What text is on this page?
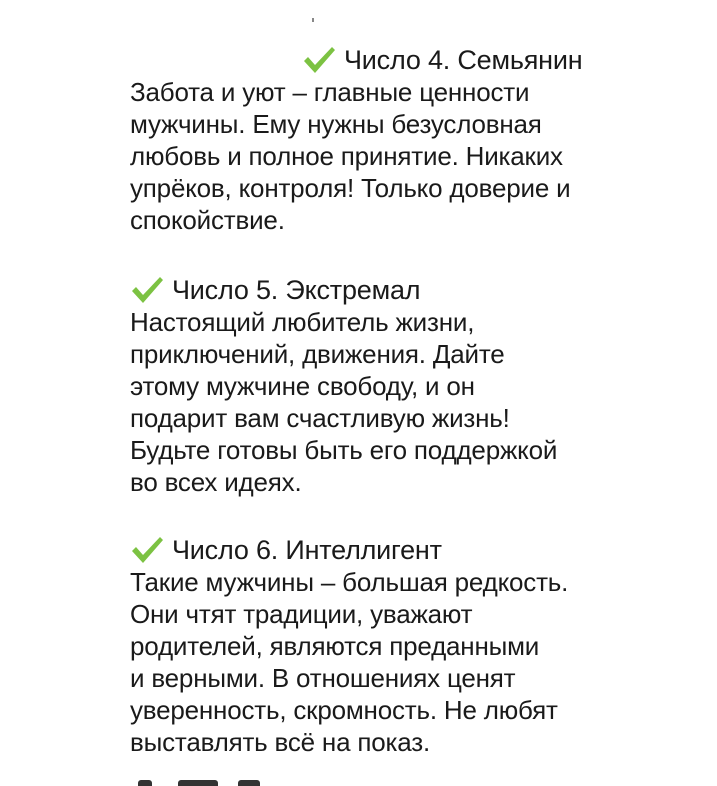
Число 4. Семьянин
Забота и уют – главные ценности
мужчины. Ему нужны безусловная
любовь и полное принятие. Никаких
упрёков, контроля! Только доверие и
спокойствие.
Число 5. Экстремал
Настоящий любитель жизни,
приключений, движения. Дайте
этому мужчине свободу, и он
подарит вам счастливую жизнь!
Будьте готовы быть его поддержкой
во всех идеях.
Число 6. Интеллигент
Такие мужчины – большая редкость.
Они чтят традиции, уважают
родителей, являются преданными
и верными. В отношениях ценят
уверенность, скромность. Не любят
выставлять всё на показ.
